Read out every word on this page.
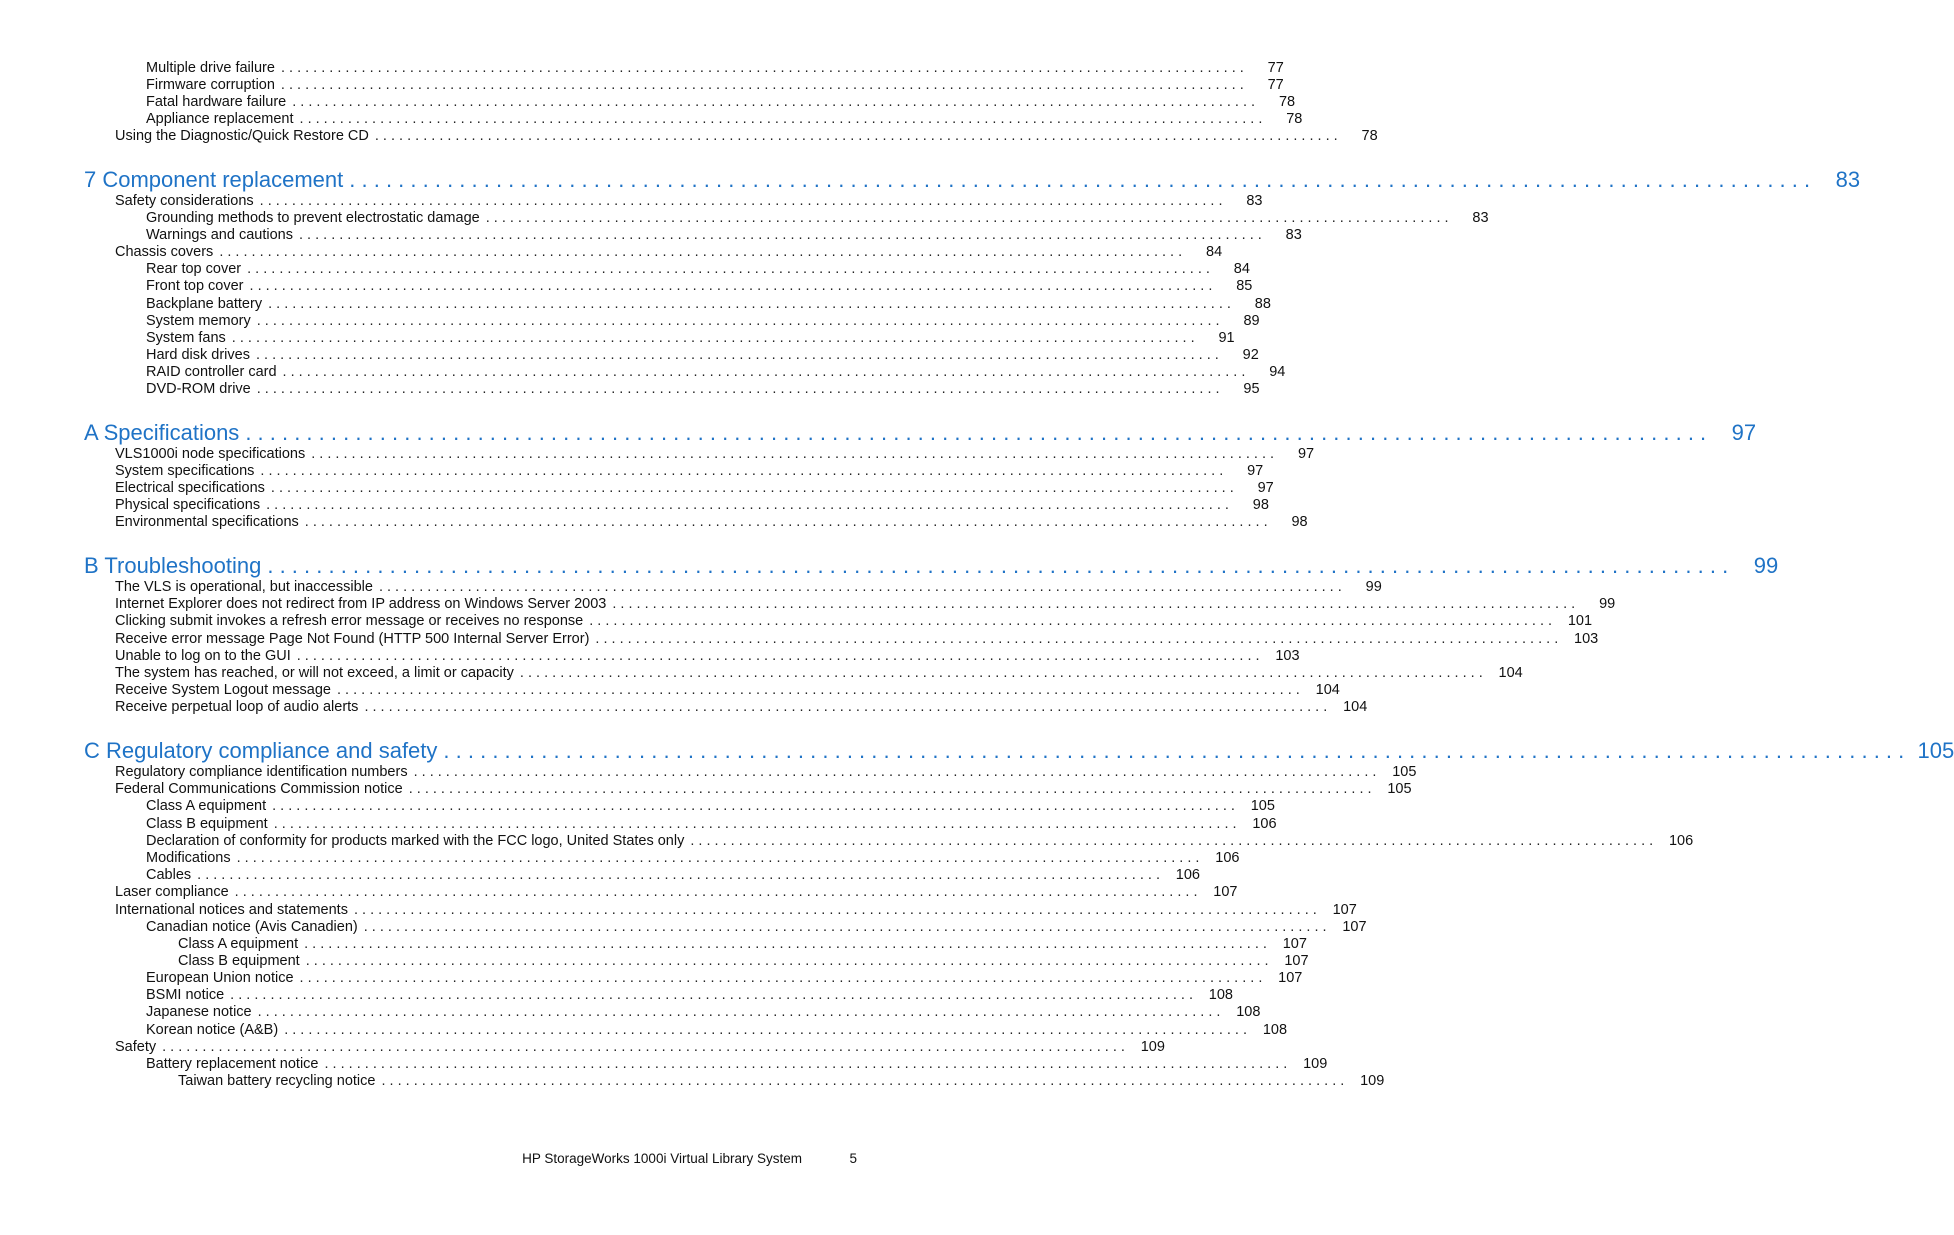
Multiple drive failure . . . . . . . . . . . . . . . . . . . . . . . . . . . . . . . . . . . . . . . . . . . . . . . . . . . . . . . . . . . . . . . . . . . . . . . . . . . . . . . . . . . . . . . . . . . . . . . . . . . . . . . . . . . . . . . . . . . . . . . .	77
Firmware corruption . . . . . . . . . . . . . . . . . . . . . . . . . . . . . . . . . . . . . . . . . . . . . . . . . . . . . . . . . . . . . . . . . . . . . . . . . . . . . . . . . . . . . . . . . . . . . . . . . . . . . . . . . . . . . . . . . . . . . . . .	77
Fatal hardware failure . . . . . . . . . . . . . . . . . . . . . . . . . . . . . . . . . . . . . . . . . . . . . . . . . . . . . . . . . . . . . . . . . . . . . . . . . . . . . . . . . . . . . . . . . . . . . . . . . . . . . . . . . . . . . . . . . . . . . . . .	78
Appliance replacement . . . . . . . . . . . . . . . . . . . . . . . . . . . . . . . . . . . . . . . . . . . . . . . . . . . . . . . . . . . . . . . . . . . . . . . . . . . . . . . . . . . . . . . . . . . . . . . . . . . . . . . . . . . . . . . . . . . . . . . .	78
Using the Diagnostic/Quick Restore CD . . . . . . . . . . . . . . . . . . . . . . . . . . . . . . . . . . . . . . . . . . . . . . . . . . . . . . . . . . . . . . . . . . . . . . . . . . . . . . . . . . . . . . . . . . . . . . . . . . . . . . . . . . . . . . . . . . . . . . . .	78
7 Component replacement . . . . . . . . . . . . . . . . . . . . . . . . . . . . . . . . . . . . . . . . . . . . . . . . . . . . . . . . . . . . . . . . . . . . . . . . . . . . . . . . . . . . . . . . . . . . . . . . . . . . . . . . . . . . . . . . . . . . . . . .	83
Safety considerations . . . . . . . . . . . . . . . . . . . . . . . . . . . . . . . . . . . . . . . . . . . . . . . . . . . . . . . . . . . . . . . . . . . . . . . . . . . . . . . . . . . . . . . . . . . . . . . . . . . . . . . . . . . . . . . . . . . . . . . .	83
Grounding methods to prevent electrostatic damage . . . . . . . . . . . . . . . . . . . . . . . . . . . . . . . . . . . . . . . . . . . . . . . . . . . . . . . . . . . . . . . . . . . . . . . . . . . . . . . . . . . . . . . . . . . . . . . . . . . . . . . . . . . . . . . . . . . . . . . .	83
Warnings and cautions . . . . . . . . . . . . . . . . . . . . . . . . . . . . . . . . . . . . . . . . . . . . . . . . . . . . . . . . . . . . . . . . . . . . . . . . . . . . . . . . . . . . . . . . . . . . . . . . . . . . . . . . . . . . . . . . . . . . . . . .	83
Chassis covers . . . . . . . . . . . . . . . . . . . . . . . . . . . . . . . . . . . . . . . . . . . . . . . . . . . . . . . . . . . . . . . . . . . . . . . . . . . . . . . . . . . . . . . . . . . . . . . . . . . . . . . . . . . . . . . . . . . . . . . .	84
Rear top cover . . . . . . . . . . . . . . . . . . . . . . . . . . . . . . . . . . . . . . . . . . . . . . . . . . . . . . . . . . . . . . . . . . . . . . . . . . . . . . . . . . . . . . . . . . . . . . . . . . . . . . . . . . . . . . . . . . . . . . . .	84
Front top cover . . . . . . . . . . . . . . . . . . . . . . . . . . . . . . . . . . . . . . . . . . . . . . . . . . . . . . . . . . . . . . . . . . . . . . . . . . . . . . . . . . . . . . . . . . . . . . . . . . . . . . . . . . . . . . . . . . . . . . . .	85
Backplane battery . . . . . . . . . . . . . . . . . . . . . . . . . . . . . . . . . . . . . . . . . . . . . . . . . . . . . . . . . . . . . . . . . . . . . . . . . . . . . . . . . . . . . . . . . . . . . . . . . . . . . . . . . . . . . . . . . . . . . . . .	88
System memory . . . . . . . . . . . . . . . . . . . . . . . . . . . . . . . . . . . . . . . . . . . . . . . . . . . . . . . . . . . . . . . . . . . . . . . . . . . . . . . . . . . . . . . . . . . . . . . . . . . . . . . . . . . . . . . . . . . . . . . .	89
System fans . . . . . . . . . . . . . . . . . . . . . . . . . . . . . . . . . . . . . . . . . . . . . . . . . . . . . . . . . . . . . . . . . . . . . . . . . . . . . . . . . . . . . . . . . . . . . . . . . . . . . . . . . . . . . . . . . . . . . . . .	91
Hard disk drives . . . . . . . . . . . . . . . . . . . . . . . . . . . . . . . . . . . . . . . . . . . . . . . . . . . . . . . . . . . . . . . . . . . . . . . . . . . . . . . . . . . . . . . . . . . . . . . . . . . . . . . . . . . . . . . . . . . . . . . .	92
RAID controller card . . . . . . . . . . . . . . . . . . . . . . . . . . . . . . . . . . . . . . . . . . . . . . . . . . . . . . . . . . . . . . . . . . . . . . . . . . . . . . . . . . . . . . . . . . . . . . . . . . . . . . . . . . . . . . . . . . . . . . . .	94
DVD-ROM drive . . . . . . . . . . . . . . . . . . . . . . . . . . . . . . . . . . . . . . . . . . . . . . . . . . . . . . . . . . . . . . . . . . . . . . . . . . . . . . . . . . . . . . . . . . . . . . . . . . . . . . . . . . . . . . . . . . . . . . . .	95
A Specifications . . . . . . . . . . . . . . . . . . . . . . . . . . . . . . . . . . . . . . . . . . . . . . . . . . . . . . . . . . . . . . . . . . . . . . . . . . . . . . . . . . . . . . . . . . . . . . . . . . . . . . . . . . . . . . . . . . . . . . . .	97
VLS1000i node specifications . . . . . . . . . . . . . . . . . . . . . . . . . . . . . . . . . . . . . . . . . . . . . . . . . . . . . . . . . . . . . . . . . . . . . . . . . . . . . . . . . . . . . . . . . . . . . . . . . . . . . . . . . . . . . . . . . . . . . . . .	97
System specifications . . . . . . . . . . . . . . . . . . . . . . . . . . . . . . . . . . . . . . . . . . . . . . . . . . . . . . . . . . . . . . . . . . . . . . . . . . . . . . . . . . . . . . . . . . . . . . . . . . . . . . . . . . . . . . . . . . . . . . . .	97
Electrical specifications . . . . . . . . . . . . . . . . . . . . . . . . . . . . . . . . . . . . . . . . . . . . . . . . . . . . . . . . . . . . . . . . . . . . . . . . . . . . . . . . . . . . . . . . . . . . . . . . . . . . . . . . . . . . . . . . . . . . . . . .	97
Physical specifications . . . . . . . . . . . . . . . . . . . . . . . . . . . . . . . . . . . . . . . . . . . . . . . . . . . . . . . . . . . . . . . . . . . . . . . . . . . . . . . . . . . . . . . . . . . . . . . . . . . . . . . . . . . . . . . . . . . . . . . .	98
Environmental specifications . . . . . . . . . . . . . . . . . . . . . . . . . . . . . . . . . . . . . . . . . . . . . . . . . . . . . . . . . . . . . . . . . . . . . . . . . . . . . . . . . . . . . . . . . . . . . . . . . . . . . . . . . . . . . . . . . . . . . . . .	98
B Troubleshooting . . . . . . . . . . . . . . . . . . . . . . . . . . . . . . . . . . . . . . . . . . . . . . . . . . . . . . . . . . . . . . . . . . . . . . . . . . . . . . . . . . . . . . . . . . . . . . . . . . . . . . . . . . . . . . . . . . . . . . . .	99
The VLS is operational, but inaccessible . . . . . . . . . . . . . . . . . . . . . . . . . . . . . . . . . . . . . . . . . . . . . . . . . . . . . . . . . . . . . . . . . . . . . . . . . . . . . . . . . . . . . . . . . . . . . . . . . . . . . . . . . . . . . . . . . . . . . . . .	99
Internet Explorer does not redirect from IP address on Windows Server 2003 . . . . . . . . . . . . . . . . . . . . . . . . . . . . . . . . . . . . . . . . . . . . . . . . . . . . . . . . . . . . . . . . . . . . . . . . . . . . . . . . . . . . . . . . . . . . . . . . . . . . . . . . . . . . . . . . . . . . . . . .	99
Clicking submit invokes a refresh error message or receives no response . . . . . . . . . . . . . . . . . . . . . . . . . . . . . . . . . . . . . . . . . . . . . . . . . . . . . . . . . . . . . . . . . . . . . . . . . . . . . . . . . . . . . . . . . . . . . . . . . . . . . . . . . . . . . . . . . . . . . . . .	101
Receive error message Page Not Found (HTTP 500 Internal Server Error) . . . . . . . . . . . . . . . . . . . . . . . . . . . . . . . . . . . . . . . . . . . . . . . . . . . . . . . . . . . . . . . . . . . . . . . . . . . . . . . . . . . . . . . . . . . . . . . . . . . . . . . . . . . . . . . . . . . . . . . .	103
Unable to log on to the GUI . . . . . . . . . . . . . . . . . . . . . . . . . . . . . . . . . . . . . . . . . . . . . . . . . . . . . . . . . . . . . . . . . . . . . . . . . . . . . . . . . . . . . . . . . . . . . . . . . . . . . . . . . . . . . . . . . . . . . . . .	103
The system has reached, or will not exceed, a limit or capacity . . . . . . . . . . . . . . . . . . . . . . . . . . . . . . . . . . . . . . . . . . . . . . . . . . . . . . . . . . . . . . . . . . . . . . . . . . . . . . . . . . . . . . . . . . . . . . . . . . . . . . . . . . . . . . . . . . . . . . . .	104
Receive System Logout message . . . . . . . . . . . . . . . . . . . . . . . . . . . . . . . . . . . . . . . . . . . . . . . . . . . . . . . . . . . . . . . . . . . . . . . . . . . . . . . . . . . . . . . . . . . . . . . . . . . . . . . . . . . . . . . . . . . . . . . .	104
Receive perpetual loop of audio alerts . . . . . . . . . . . . . . . . . . . . . . . . . . . . . . . . . . . . . . . . . . . . . . . . . . . . . . . . . . . . . . . . . . . . . . . . . . . . . . . . . . . . . . . . . . . . . . . . . . . . . . . . . . . . . . . . . . . . . . . .	104
C Regulatory compliance and safety . . . . . . . . . . . . . . . . . . . . . . . . . . . . . . . . . . . . . . . . . . . . . . . . . . . . . . . . . . . . . . . . . . . . . . . . . . . . . . . . . . . . . . . . . . . . . . . . . . . . . . . . . . . . . . . . . . . . . . . . 105
Regulatory compliance identification numbers . . . . . . . . . . . . . . . . . . . . . . . . . . . . . . . . . . . . . . . . . . . . . . . . . . . . . . . . . . . . . . . . . . . . . . . . . . . . . . . . . . . . . . . . . . . . . . . . . . . . . . . . . . . . . . . . . . . . . . . .	105
Federal Communications Commission notice . . . . . . . . . . . . . . . . . . . . . . . . . . . . . . . . . . . . . . . . . . . . . . . . . . . . . . . . . . . . . . . . . . . . . . . . . . . . . . . . . . . . . . . . . . . . . . . . . . . . . . . . . . . . . . . . . . . . . . . .	105
Class A equipment . . . . . . . . . . . . . . . . . . . . . . . . . . . . . . . . . . . . . . . . . . . . . . . . . . . . . . . . . . . . . . . . . . . . . . . . . . . . . . . . . . . . . . . . . . . . . . . . . . . . . . . . . . . . . . . . . . . . . . . .	105
Class B equipment . . . . . . . . . . . . . . . . . . . . . . . . . . . . . . . . . . . . . . . . . . . . . . . . . . . . . . . . . . . . . . . . . . . . . . . . . . . . . . . . . . . . . . . . . . . . . . . . . . . . . . . . . . . . . . . . . . . . . . . .	106
Declaration of conformity for products marked with the FCC logo, United States only . . . . . . . . . . . . . . . . . . . . . . . . . . . . . . . . . . . . . . . . . . . . . . . . . . . . . . . . . . . . . . . . . . . . . . . . . . . . . . . . . . . . . . . . . . . . . . . . . . . . . . . . . . . . . . . . . . . . . . . .	106
Modifications . . . . . . . . . . . . . . . . . . . . . . . . . . . . . . . . . . . . . . . . . . . . . . . . . . . . . . . . . . . . . . . . . . . . . . . . . . . . . . . . . . . . . . . . . . . . . . . . . . . . . . . . . . . . . . . . . . . . . . . .	106
Cables . . . . . . . . . . . . . . . . . . . . . . . . . . . . . . . . . . . . . . . . . . . . . . . . . . . . . . . . . . . . . . . . . . . . . . . . . . . . . . . . . . . . . . . . . . . . . . . . . . . . . . . . . . . . . . . . . . . . . . . .	106
Laser compliance . . . . . . . . . . . . . . . . . . . . . . . . . . . . . . . . . . . . . . . . . . . . . . . . . . . . . . . . . . . . . . . . . . . . . . . . . . . . . . . . . . . . . . . . . . . . . . . . . . . . . . . . . . . . . . . . . . . . . . . .	107
International notices and statements . . . . . . . . . . . . . . . . . . . . . . . . . . . . . . . . . . . . . . . . . . . . . . . . . . . . . . . . . . . . . . . . . . . . . . . . . . . . . . . . . . . . . . . . . . . . . . . . . . . . . . . . . . . . . . . . . . . . . . . .	107
Canadian notice (Avis Canadien) . . . . . . . . . . . . . . . . . . . . . . . . . . . . . . . . . . . . . . . . . . . . . . . . . . . . . . . . . . . . . . . . . . . . . . . . . . . . . . . . . . . . . . . . . . . . . . . . . . . . . . . . . . . . . . . . . . . . . . . .	107
Class A equipment . . . . . . . . . . . . . . . . . . . . . . . . . . . . . . . . . . . . . . . . . . . . . . . . . . . . . . . . . . . . . . . . . . . . . . . . . . . . . . . . . . . . . . . . . . . . . . . . . . . . . . . . . . . . . . . . . . . . . . . .	107
Class B equipment . . . . . . . . . . . . . . . . . . . . . . . . . . . . . . . . . . . . . . . . . . . . . . . . . . . . . . . . . . . . . . . . . . . . . . . . . . . . . . . . . . . . . . . . . . . . . . . . . . . . . . . . . . . . . . . . . . . . . . . .	107
European Union notice . . . . . . . . . . . . . . . . . . . . . . . . . . . . . . . . . . . . . . . . . . . . . . . . . . . . . . . . . . . . . . . . . . . . . . . . . . . . . . . . . . . . . . . . . . . . . . . . . . . . . . . . . . . . . . . . . . . . . . . .	107
BSMI notice . . . . . . . . . . . . . . . . . . . . . . . . . . . . . . . . . . . . . . . . . . . . . . . . . . . . . . . . . . . . . . . . . . . . . . . . . . . . . . . . . . . . . . . . . . . . . . . . . . . . . . . . . . . . . . . . . . . . . . . .	108
Japanese notice . . . . . . . . . . . . . . . . . . . . . . . . . . . . . . . . . . . . . . . . . . . . . . . . . . . . . . . . . . . . . . . . . . . . . . . . . . . . . . . . . . . . . . . . . . . . . . . . . . . . . . . . . . . . . . . . . . . . . . . .	108
Korean notice (A&B) . . . . . . . . . . . . . . . . . . . . . . . . . . . . . . . . . . . . . . . . . . . . . . . . . . . . . . . . . . . . . . . . . . . . . . . . . . . . . . . . . . . . . . . . . . . . . . . . . . . . . . . . . . . . . . . . . . . . . . . .	108
Safety . . . . . . . . . . . . . . . . . . . . . . . . . . . . . . . . . . . . . . . . . . . . . . . . . . . . . . . . . . . . . . . . . . . . . . . . . . . . . . . . . . . . . . . . . . . . . . . . . . . . . . . . . . . . . . . . . . . . . . . .	109
Battery replacement notice . . . . . . . . . . . . . . . . . . . . . . . . . . . . . . . . . . . . . . . . . . . . . . . . . . . . . . . . . . . . . . . . . . . . . . . . . . . . . . . . . . . . . . . . . . . . . . . . . . . . . . . . . . . . . . . . . . . . . . . .	109
Taiwan battery recycling notice . . . . . . . . . . . . . . . . . . . . . . . . . . . . . . . . . . . . . . . . . . . . . . . . . . . . . . . . . . . . . . . . . . . . . . . . . . . . . . . . . . . . . . . . . . . . . . . . . . . . . . . . . . . . . . . . . . . . . . . .	109
HP StorageWorks 1000i Virtual Library System	5
